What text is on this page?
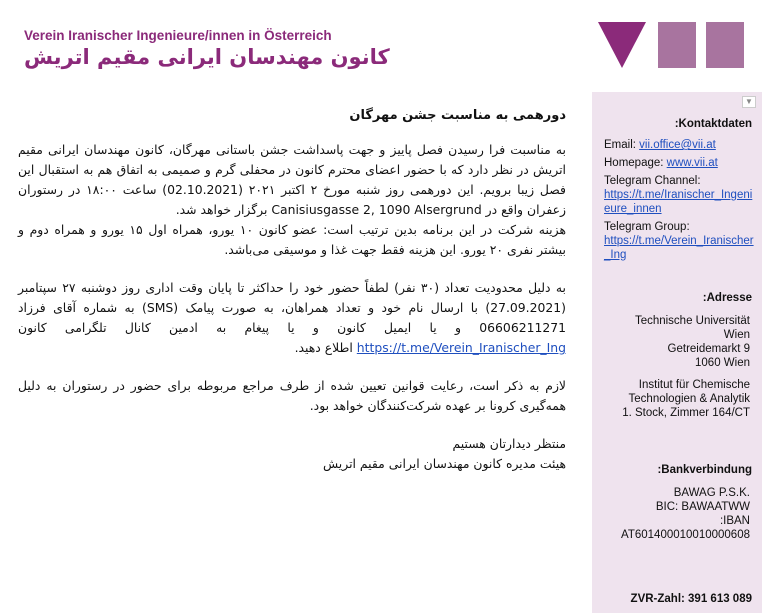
Verein Iranischer Ingenieure/innen in Österreich
کانون مهندسان ایرانی مقیم اتریش
دورهمی به مناسبت جشن مهرگان

به مناسبت فرا رسیدن فصل پاییز و جهت پاسداشت جشن باستانی مهرگان، کانون مهندسان ایرانی مقیم اتریش در نظر دارد که با حضور اعضای محترم کانون در محفلی گرم و صمیمی به اتفاق هم به استقبال این فصل زیبا برویم. این دورهمی روز شنبه مورخ ۲ اکتبر ۲۰۲۱ (02.10.2021) ساعت ۱۸:۰۰ در رستوران زعفران واقع در Canisiusgasse 2, 1090 Alsergrund برگزار خواهد شد.

هزینه شرکت در این برنامه بدین ترتیب است: عضو کانون ۱۰ یورو، همراه اول ۱۵ یورو و همراه دوم و بیشتر نفری ۲۰ یورو. این هزینه فقط جهت غذا و موسیقی می‌باشد.

به دلیل محدودیت تعداد (۳۰ نفر) لطفاً حضور خود را حداکثر تا پایان وقت اداری روز دوشنبه ۲۷ سپتامبر (27.09.2021) با ارسال نام خود و تعداد همراهان، به صورت پیامک (SMS) به شماره آقای فرزاد 06606211271 و یا ایمیل کانون و یا پیغام به ادمین کانال تلگرامی کانون https://t.me/Verein_Iranischer_Ing اطلاع دهید.

لازم به ذکر است، رعایت قوانین تعیین شده از طرف مراجع مربوطه برای حضور در رستوران به دلیل همه‌گیری کرونا بر عهده شرکت‌کنندگان خواهد بود.

منتظر دیدارتان هستیم

هیئت مدیره کانون مهندسان ایرانی مقیم اتریش

▼
:Kontaktdaten
Email: vii.office@vii.at
Homepage: www.vii.at
Telegram Channel:
https://t.me/Iranischer_Ingenieure_innen
Telegram Group:
https://t.me/Verein_Iranischer_Ing
:Adresse
Technische Universität
Wien
Getreidemarkt 9
1060 Wien
Institut für Chemische
Technologien & Analytik
1. Stock, Zimmer 164/CT
:Bankverbindung
BAWAG P.S.K.
BIC: BAWAATWW
:IBAN
AT601400010010000608
ZVR-Zahl: 391 613 089
